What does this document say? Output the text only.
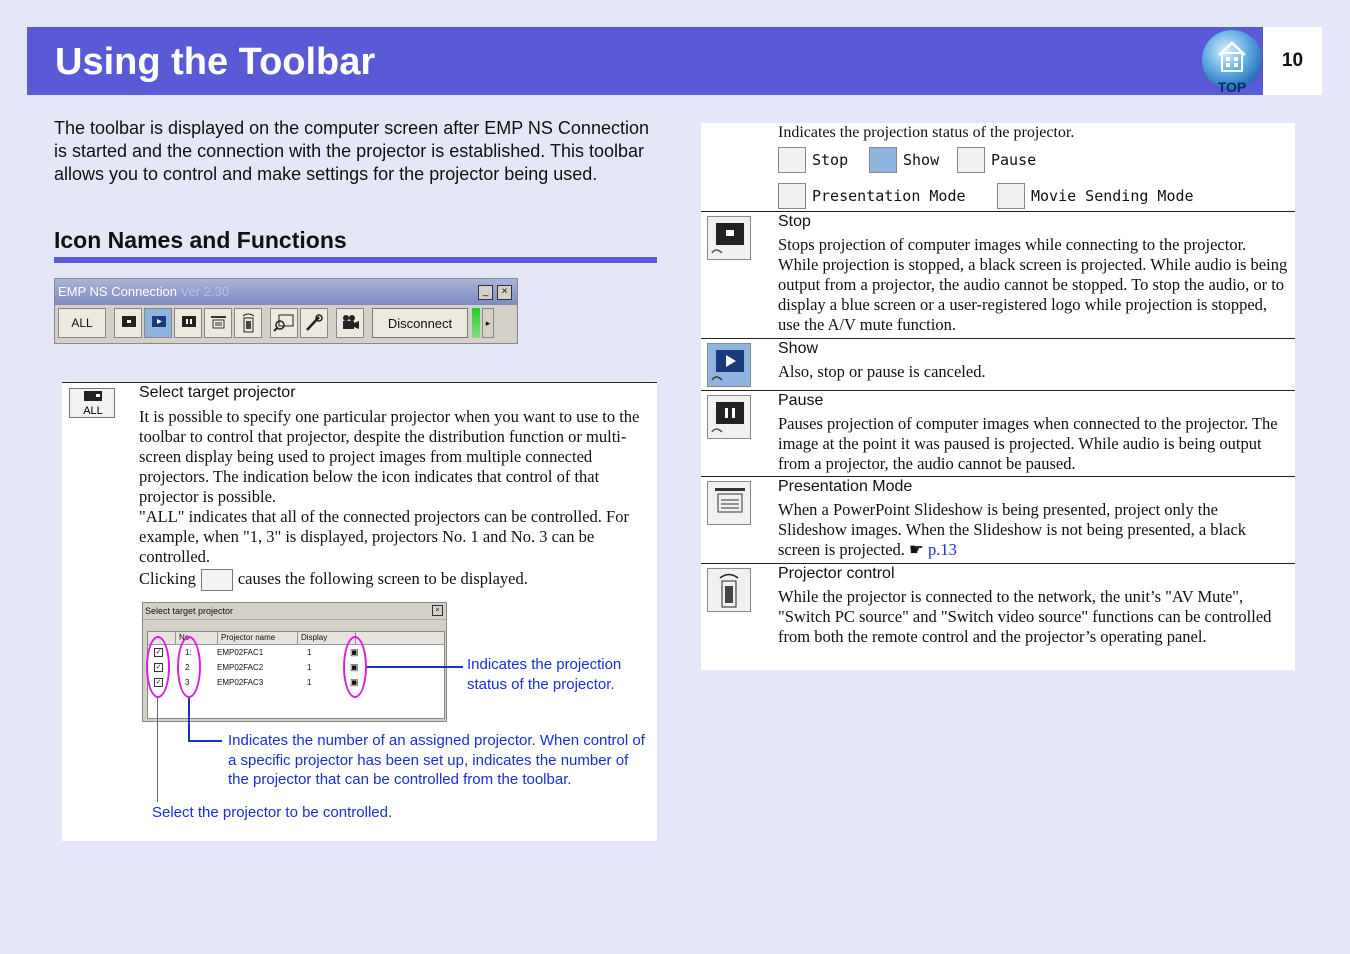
Using the Toolbar
TOP
10
The toolbar is displayed on the computer screen after EMP NS Connection is started and the connection with the projector is established. This toolbar allows you to control and make settings for the projector being used.
Icon Names and Functions
EMP NS Connection Ver 2.30	_	×
ALL	Disconnect	▸
ALL
Select target projector
It is possible to specify one particular projector when you want to use to the toolbar to control that projector, despite the distribution function or multi-screen display being used to project images from multiple connected projectors. The indication below the icon indicates that control of that projector is possible.
"ALL" indicates that all of the connected projectors can be controlled. For example, when "1, 3" is displayed, projectors No. 1 and No. 3 can be controlled.
Clicking	causes the following screen to be displayed.
Select target projector	×
No	Projector name	Display
✓	1:	EMP02FAC1	1	▣
✓	2	EMP02FAC2	1	▣
✓	3	EMP02FAC3	1	▣
Indicates the projection status of the projector.
Indicates the number of an assigned projector. When control of a specific projector has been set up, indicates the number of the projector that can be controlled from the toolbar.
Select the projector to be controlled.
Indicates the projection status of the projector.
Stop	Show	Pause
Presentation Mode	Movie Sending Mode
Stop
Stops projection of computer images while connecting to the projector. While projection is stopped, a black screen is projected. While audio is being output from a projector, the audio cannot be stopped. To stop the audio, or to display a blue screen or a user-registered logo while projection is stopped, use the A/V mute function.
Show
Also, stop or pause is canceled.
Pause
Pauses projection of computer images when connected to the projector. The image at the point it was paused is projected. While audio is being output from a projector, the audio cannot be paused.
Presentation Mode
When a PowerPoint Slideshow is being presented, project only the Slideshow images. When the Slideshow is not being presented, a black screen is projected. ☛ p.13
Projector control
While the projector is connected to the network, the unit’s "AV Mute", "Switch PC source" and "Switch video source" functions can be controlled from both the remote control and the projector’s operating panel.
